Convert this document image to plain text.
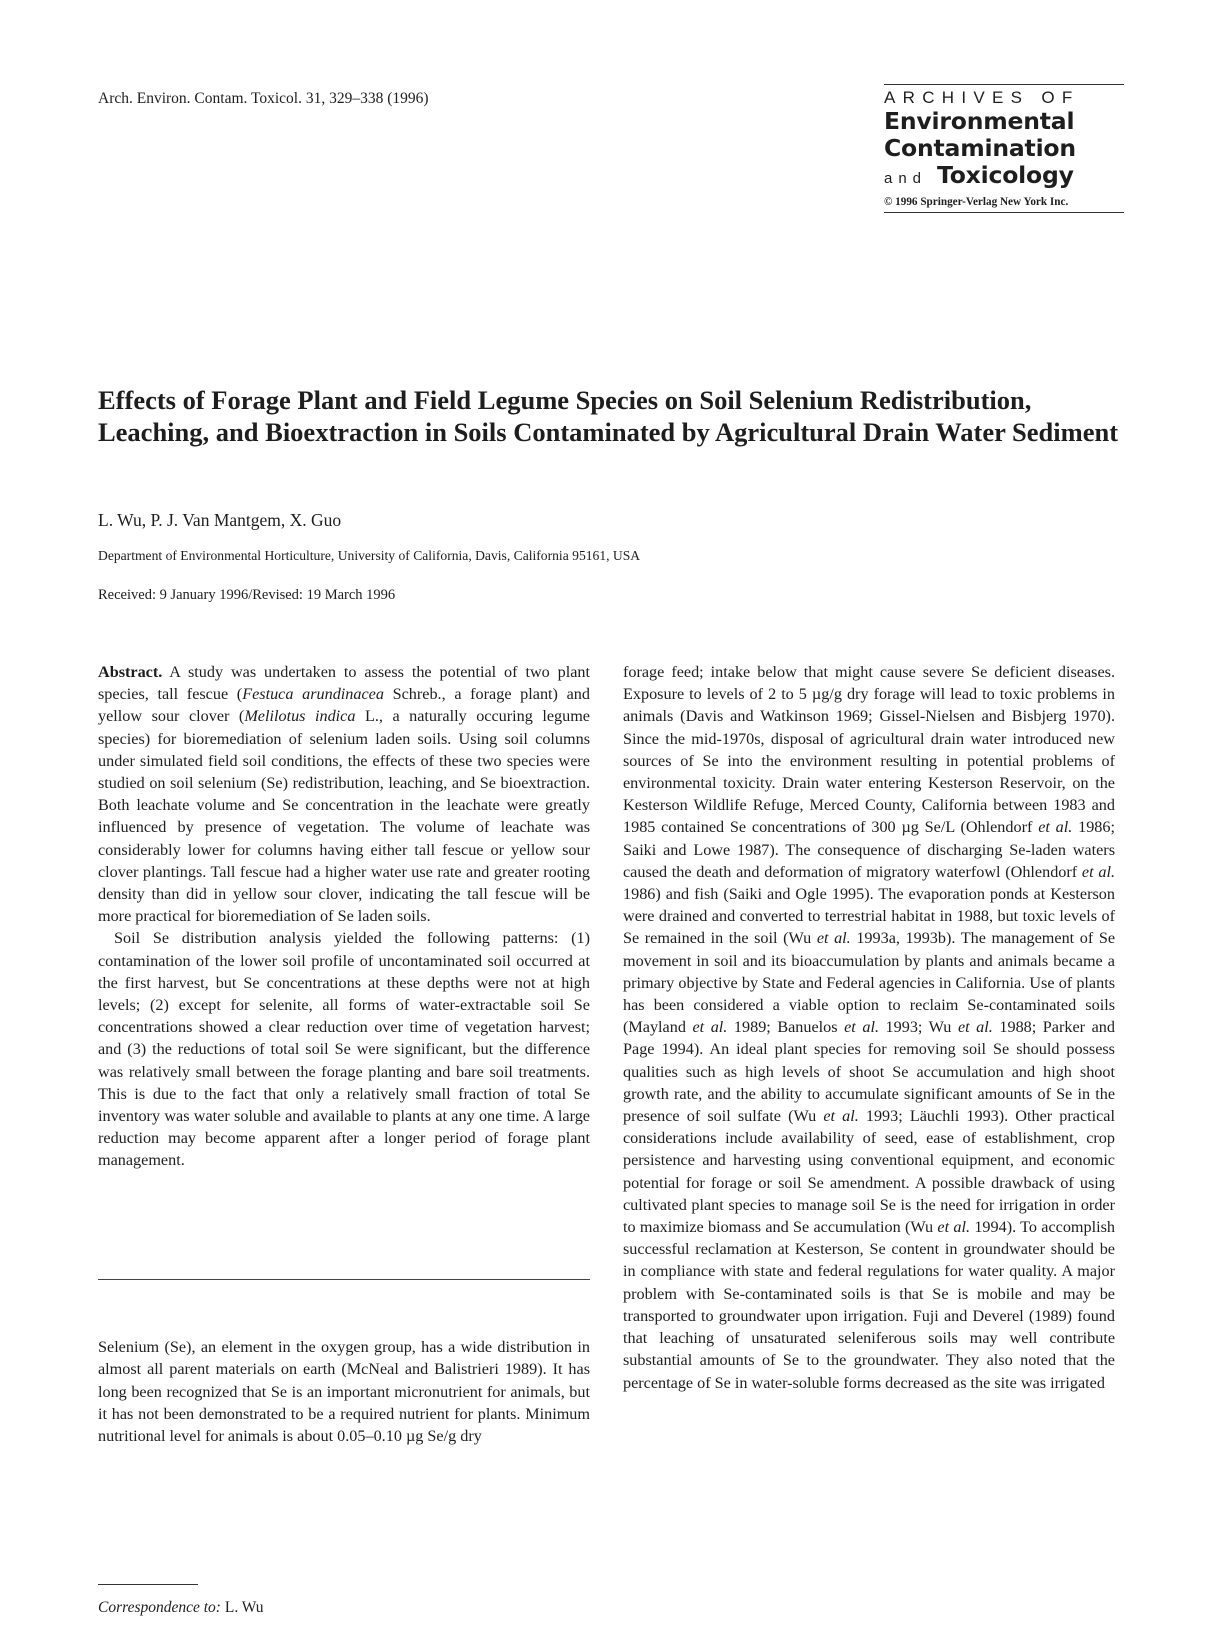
Arch. Environ. Contam. Toxicol. 31, 329–338 (1996)	ARCHIVES OF
Environmental
Contamination
and Toxicology
© 1996 Springer-Verlag New York Inc.
Effects of Forage Plant and Field Legume Species on Soil Selenium Redistribution, Leaching, and Bioextraction in Soils Contaminated by Agricultural Drain Water Sediment
L. Wu, P. J. Van Mantgem, X. Guo
Department of Environmental Horticulture, University of California, Davis, California 95161, USA
Received: 9 January 1996/Revised: 19 March 1996

Abstract. A study was undertaken to assess the potential of two plant species, tall fescue (Festuca arundinacea Schreb., a forage plant) and yellow sour clover (Melilotus indica L., a naturally occuring legume species) for bioremediation of selenium laden soils. Using soil columns under simulated field soil conditions, the effects of these two species were studied on soil selenium (Se) redistribution, leaching, and Se bioextraction. Both leachate volume and Se concentration in the leachate were greatly influenced by presence of vegetation. The volume of leachate was considerably lower for columns having either tall fescue or yellow sour clover plantings. Tall fescue had a higher water use rate and greater rooting density than did in yellow sour clover, indicating the tall fescue will be more practical for bioremediation of Se laden soils.

Soil Se distribution analysis yielded the following patterns: (1) contamination of the lower soil profile of uncontaminated soil occurred at the first harvest, but Se concentrations at these depths were not at high levels; (2) except for selenite, all forms of water-extractable soil Se concentrations showed a clear reduction over time of vegetation harvest; and (3) the reductions of total soil Se were significant, but the difference was relatively small between the forage planting and bare soil treatments. This is due to the fact that only a relatively small fraction of total Se inventory was water soluble and available to plants at any one time. A large reduction may become apparent after a longer period of forage plant management.

Selenium (Se), an element in the oxygen group, has a wide distribution in almost all parent materials on earth (McNeal and Balistrieri 1989). It has long been recognized that Se is an important micronutrient for animals, but it has not been demonstrated to be a required nutrient for plants. Minimum nutritional level for animals is about 0.05–0.10 µg Se/g dry

forage feed; intake below that might cause severe Se deficient diseases. Exposure to levels of 2 to 5 µg/g dry forage will lead to toxic problems in animals (Davis and Watkinson 1969; Gissel-Nielsen and Bisbjerg 1970). Since the mid-1970s, disposal of agricultural drain water introduced new sources of Se into the environment resulting in potential problems of environmental toxicity. Drain water entering Kesterson Reservoir, on the Kesterson Wildlife Refuge, Merced County, California between 1983 and 1985 contained Se concentrations of 300 µg Se/L (Ohlendorf et al. 1986; Saiki and Lowe 1987). The consequence of discharging Se-laden waters caused the death and deformation of migratory waterfowl (Ohlendorf et al. 1986) and fish (Saiki and Ogle 1995). The evaporation ponds at Kesterson were drained and converted to terrestrial habitat in 1988, but toxic levels of Se remained in the soil (Wu et al. 1993a, 1993b). The management of Se movement in soil and its bioaccumulation by plants and animals became a primary objective by State and Federal agencies in California. Use of plants has been considered a viable option to reclaim Se-contaminated soils (Mayland et al. 1989; Banuelos et al. 1993; Wu et al. 1988; Parker and Page 1994). An ideal plant species for removing soil Se should possess qualities such as high levels of shoot Se accumulation and high shoot growth rate, and the ability to accumulate significant amounts of Se in the presence of soil sulfate (Wu et al. 1993; Läuchli 1993). Other practical considerations include availability of seed, ease of establishment, crop persistence and harvesting using conventional equipment, and economic potential for forage or soil Se amendment. A possible drawback of using cultivated plant species to manage soil Se is the need for irrigation in order to maximize biomass and Se accumulation (Wu et al. 1994). To accomplish successful reclamation at Kesterson, Se content in groundwater should be in compliance with state and federal regulations for water quality. A major problem with Se-contaminated soils is that Se is mobile and may be transported to groundwater upon irrigation. Fuji and Deverel (1989) found that leaching of unsaturated seleniferous soils may well contribute substantial amounts of Se to the groundwater. They also noted that the percentage of Se in water-soluble forms decreased as the site was irrigated

Correspondence to: L. Wu
